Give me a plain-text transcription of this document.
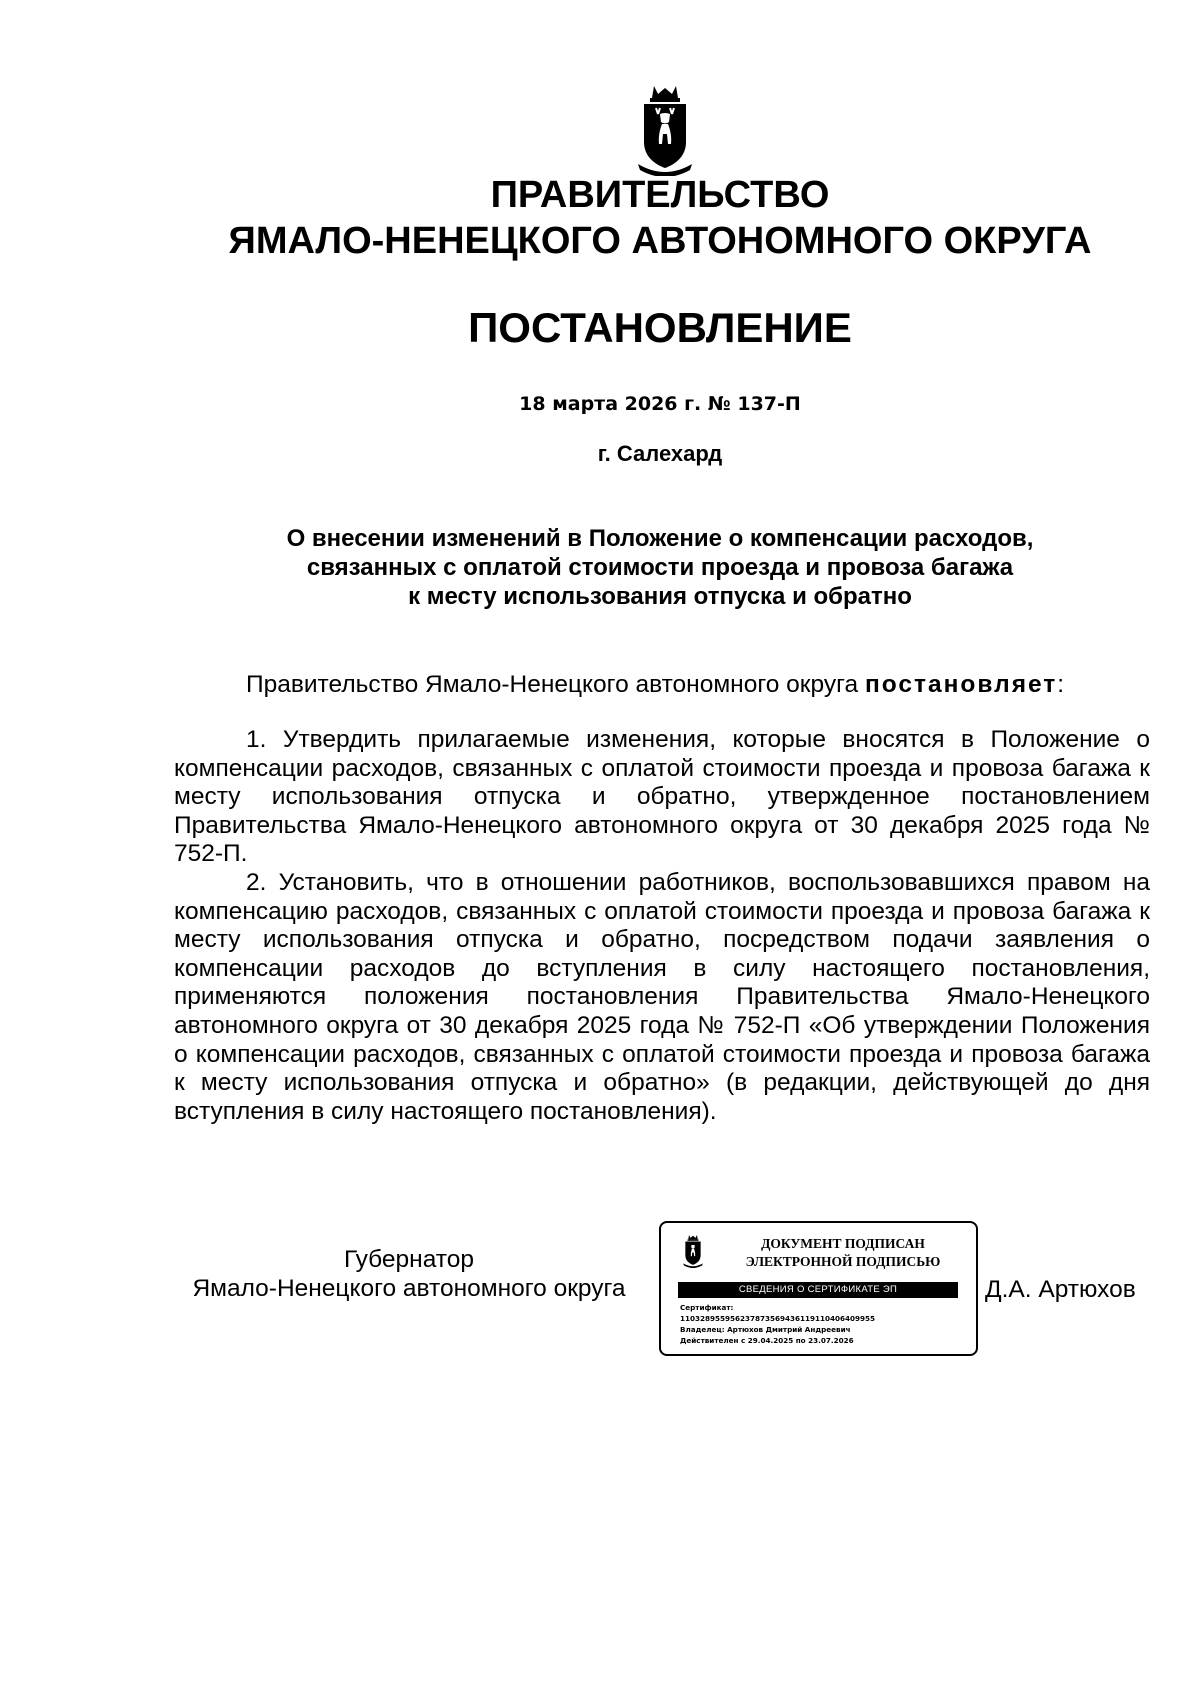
ПРАВИТЕЛЬСТВО
ЯМАЛО-НЕНЕЦКОГО АВТОНОМНОГО ОКРУГА
ПОСТАНОВЛЕНИЕ
18 марта 2026 г. № 137-П
г. Салехард
О внесении изменений в Положение о компенсации расходов,
связанных с оплатой стоимости проезда и провоза багажа
к месту использования отпуска и обратно
Правительство Ямало-Ненецкого автономного округа постановляет:

1. Утвердить прилагаемые изменения, которые вносятся в Положение о компенсации расходов, связанных с оплатой стоимости проезда и провоза багажа к месту использования отпуска и обратно, утвержденное постановлением Правительства Ямало-Ненецкого автономного округа от 30 декабря 2025 года № 752-П.

2. Установить, что в отношении работников, воспользовавшихся правом на компенсацию расходов, связанных с оплатой стоимости проезда и провоза багажа к месту использования отпуска и обратно, посредством подачи заявления о компенсации расходов до вступления в силу настоящего постановления, применяются положения постановления Правительства Ямало-Ненецкого автономного округа от 30 декабря 2025 года № 752-П «Об утверждении Положения о компенсации расходов, связанных с оплатой стоимости проезда и провоза багажа к месту использования отпуска и обратно» (в редакции, действующей до дня вступления в силу настоящего постановления).

Губернатор
Ямало-Ненецкого автономного округа
ДОКУМЕНТ ПОДПИСАН
ЭЛЕКТРОННОЙ ПОДПИСЬЮ
СВЕДЕНИЯ О СЕРТИФИКАТЕ ЭП
Сертификат:
110328955956237873569436119110406409955
Владелец: Артюхов Дмитрий Андреевич
Действителен с 29.04.2025 по 23.07.2026
Д.А. Артюхов
